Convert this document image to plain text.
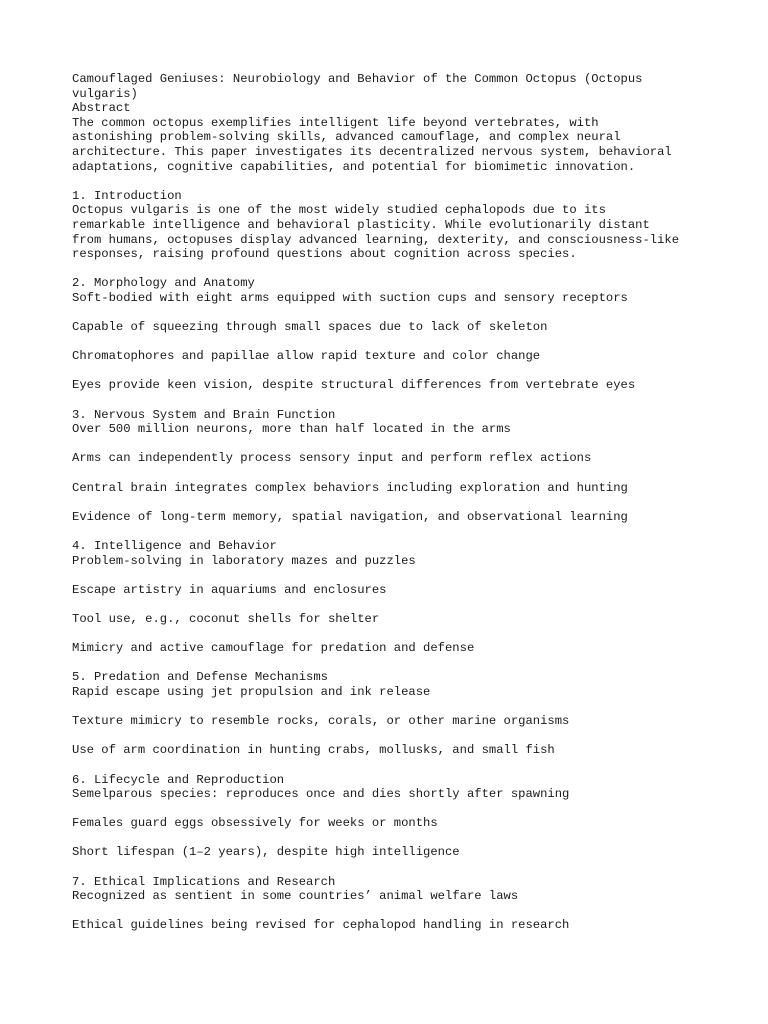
Camouflaged Geniuses: Neurobiology and Behavior of the Common Octopus (Octopus
vulgaris)
Abstract
The common octopus exemplifies intelligent life beyond vertebrates, with
astonishing problem-solving skills, advanced camouflage, and complex neural
architecture. This paper investigates its decentralized nervous system, behavioral
adaptations, cognitive capabilities, and potential for biomimetic innovation.
1. Introduction
Octopus vulgaris is one of the most widely studied cephalopods due to its
remarkable intelligence and behavioral plasticity. While evolutionarily distant
from humans, octopuses display advanced learning, dexterity, and consciousness-like
responses, raising profound questions about cognition across species.
2. Morphology and Anatomy
Soft-bodied with eight arms equipped with suction cups and sensory receptors
Capable of squeezing through small spaces due to lack of skeleton
Chromatophores and papillae allow rapid texture and color change
Eyes provide keen vision, despite structural differences from vertebrate eyes
3. Nervous System and Brain Function
Over 500 million neurons, more than half located in the arms
Arms can independently process sensory input and perform reflex actions
Central brain integrates complex behaviors including exploration and hunting
Evidence of long-term memory, spatial navigation, and observational learning
4. Intelligence and Behavior
Problem-solving in laboratory mazes and puzzles
Escape artistry in aquariums and enclosures
Tool use, e.g., coconut shells for shelter
Mimicry and active camouflage for predation and defense
5. Predation and Defense Mechanisms
Rapid escape using jet propulsion and ink release
Texture mimicry to resemble rocks, corals, or other marine organisms
Use of arm coordination in hunting crabs, mollusks, and small fish
6. Lifecycle and Reproduction
Semelparous species: reproduces once and dies shortly after spawning
Females guard eggs obsessively for weeks or months
Short lifespan (1–2 years), despite high intelligence
7. Ethical Implications and Research
Recognized as sentient in some countries’ animal welfare laws
Ethical guidelines being revised for cephalopod handling in research
